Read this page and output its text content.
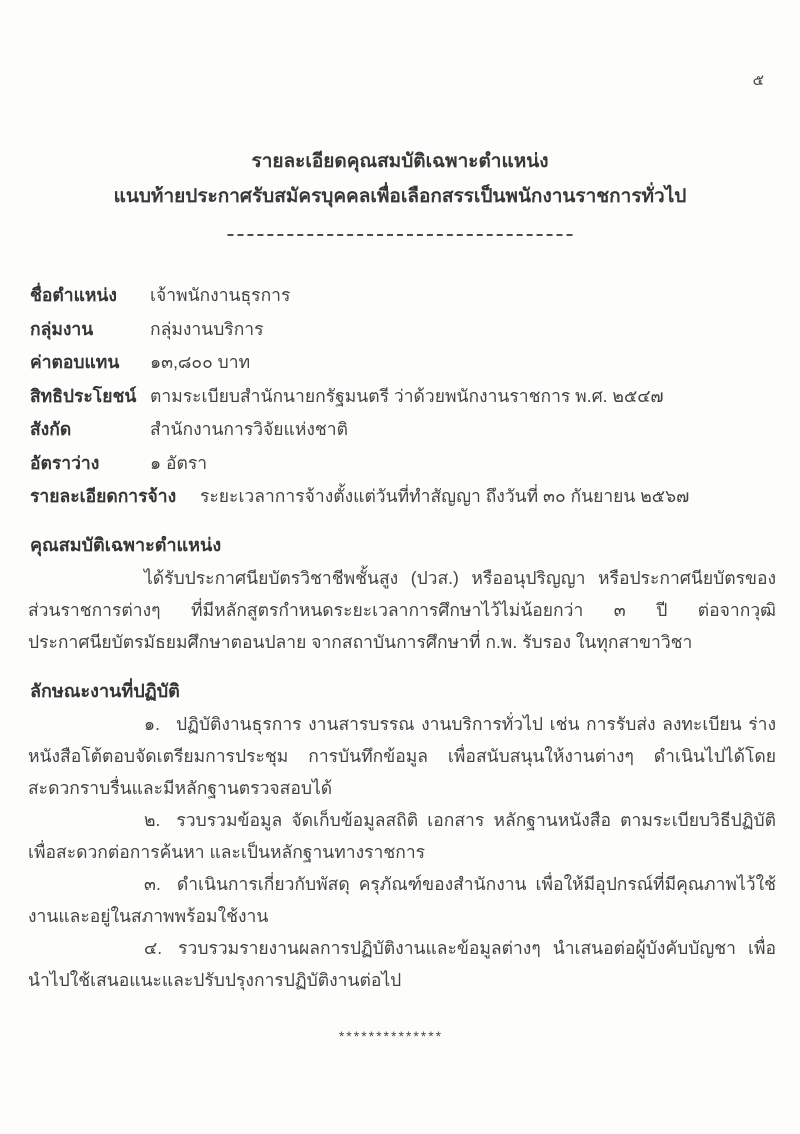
๕
รายละเอียดคุณสมบัติเฉพาะตำแหน่ง
แนบท้ายประกาศรับสมัครบุคคลเพื่อเลือกสรรเป็นพนักงานราชการทั่วไป
ชื่อตำแหน่ง	เจ้าพนักงานธุรการ
กลุ่มงาน	กลุ่มงานบริการ
ค่าตอบแทน	๑๓,๘๐๐ บาท
สิทธิประโยชน์ ตามระเบียบสำนักนายกรัฐมนตรี ว่าด้วยพนักงานราชการ พ.ศ. ๒๕๔๗
สังกัด	สำนักงานการวิจัยแห่งชาติ
อัตราว่าง	๑ อัตรา
รายละเอียดการจ้าง	ระยะเวลาการจ้างตั้งแต่วันที่ทำสัญญา ถึงวันที่ ๓๐ กันยายน ๒๕๖๗
คุณสมบัติเฉพาะตำแหน่ง

ได้รับประกาศนียบัตรวิชาชีพชั้นสูง (ปวส.) หรืออนุปริญญา หรือประกาศนียบัตรของส่วนราชการต่างๆ ที่มีหลักสูตรกำหนดระยะเวลาการศึกษาไว้ไม่น้อยกว่า ๓ ปี ต่อจากวุฒิประกาศนียบัตรมัธยมศึกษาตอนปลาย จากสถาบันการศึกษาที่ ก.พ. รับรอง ในทุกสาขาวิชา

ลักษณะงานที่ปฏิบัติ

๑. ปฏิบัติงานธุรการ งานสารบรรณ งานบริการทั่วไป เช่น การรับส่ง ลงทะเบียน ร่างหนังสือโต้ตอบจัดเตรียมการประชุม การบันทึกข้อมูล เพื่อสนับสนุนให้งานต่างๆ ดำเนินไปได้โดยสะดวกราบรื่นและมีหลักฐานตรวจสอบได้

๒. รวบรวมข้อมูล จัดเก็บข้อมูลสถิติ เอกสาร หลักฐานหนังสือ ตามระเบียบวิธีปฏิบัติเพื่อสะดวกต่อการค้นหา และเป็นหลักฐานทางราชการ

๓. ดำเนินการเกี่ยวกับพัสดุ ครุภัณฑ์ของสำนักงาน เพื่อให้มีอุปกรณ์ที่มีคุณภาพไว้ใช้งานและอยู่ในสภาพพร้อมใช้งาน

๔. รวบรวมรายงานผลการปฏิบัติงานและข้อมูลต่างๆ นำเสนอต่อผู้บังคับบัญชา เพื่อนำไปใช้เสนอแนะและปรับปรุงการปฏิบัติงานต่อไป

**************
